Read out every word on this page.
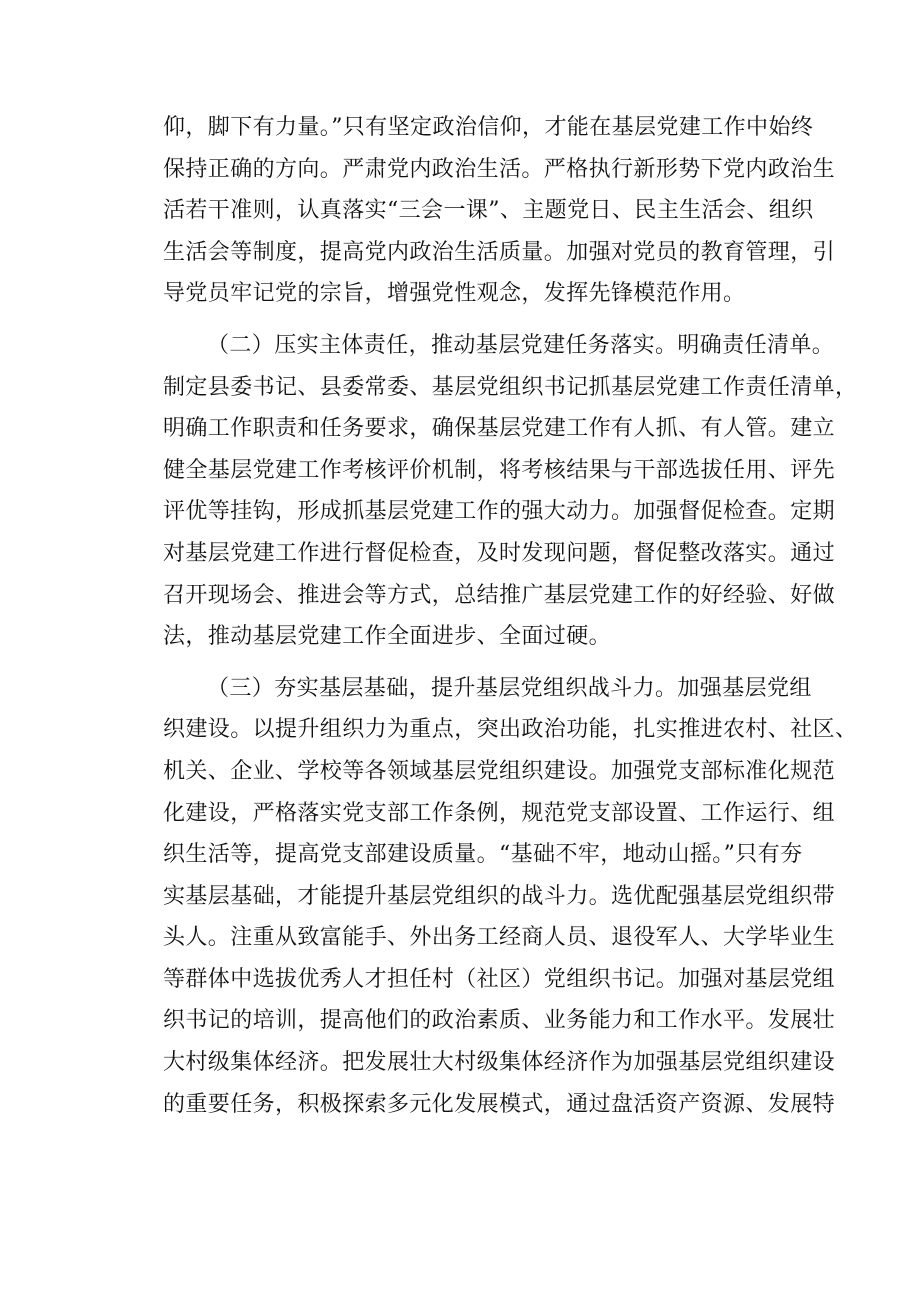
仰，脚下有力量。”只有坚定政治信仰，才能在基层党建工作中始终
保持正确的方向。严肃党内政治生活。严格执行新形势下党内政治生
活若干准则，认真落实“三会一课”、主题党日、民主生活会、组织
生活会等制度，提高党内政治生活质量。加强对党员的教育管理，引
导党员牢记党的宗旨，增强党性观念，发挥先锋模范作用。
（二）压实主体责任，推动基层党建任务落实。明确责任清单。
制定县委书记、县委常委、基层党组织书记抓基层党建工作责任清单，
明确工作职责和任务要求，确保基层党建工作有人抓、有人管。建立
健全基层党建工作考核评价机制，将考核结果与干部选拔任用、评先
评优等挂钩，形成抓基层党建工作的强大动力。加强督促检查。定期
对基层党建工作进行督促检查，及时发现问题，督促整改落实。通过
召开现场会、推进会等方式，总结推广基层党建工作的好经验、好做
法，推动基层党建工作全面进步、全面过硬。
（三）夯实基层基础，提升基层党组织战斗力。加强基层党组
织建设。以提升组织力为重点，突出政治功能，扎实推进农村、社区、
机关、企业、学校等各领域基层党组织建设。加强党支部标准化规范
化建设，严格落实党支部工作条例，规范党支部设置、工作运行、组
织生活等，提高党支部建设质量。“基础不牢，地动山摇。”只有夯
实基层基础，才能提升基层党组织的战斗力。选优配强基层党组织带
头人。注重从致富能手、外出务工经商人员、退役军人、大学毕业生
等群体中选拔优秀人才担任村（社区）党组织书记。加强对基层党组
织书记的培训，提高他们的政治素质、业务能力和工作水平。发展壮
大村级集体经济。把发展壮大村级集体经济作为加强基层党组织建设
的重要任务，积极探索多元化发展模式，通过盘活资产资源、发展特
